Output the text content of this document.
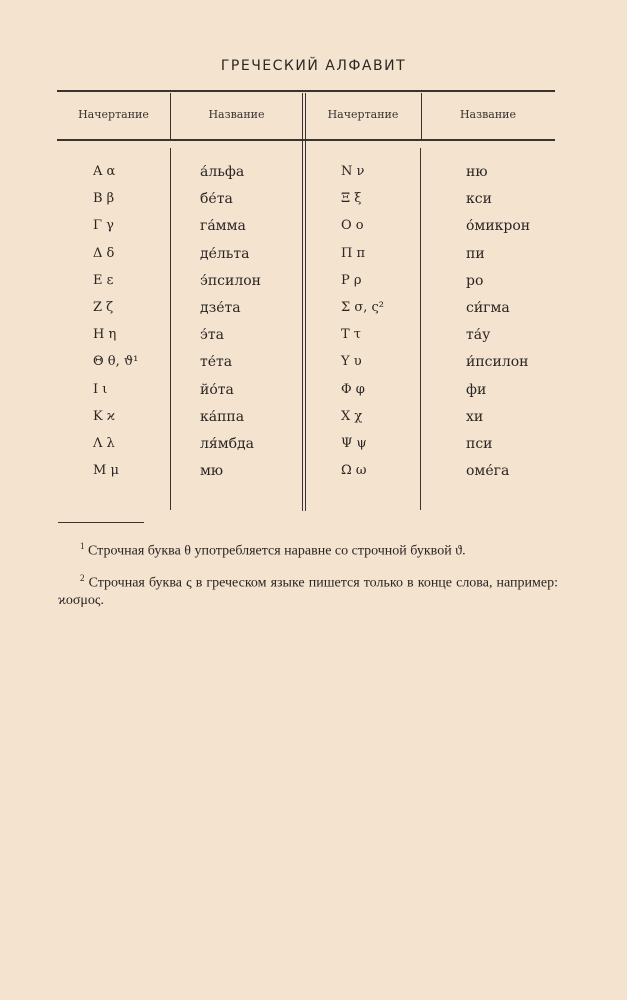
ГРЕЧЕСКИЙ АЛФАВИТ
Начертание	Название	Начертание	Название
Α α	а́льфа	Ν ν	ню
Β β	бе́та	Ξ ξ	кси
Γ γ	га́мма	Ο ο	о́микрон
Δ δ	де́льта	Π π	пи
Ε ε	э́псилон	Ρ ρ	ро
Ζ ζ	дзе́та	Σ σ, ς²	си́гма
Η η	э́та	Τ τ	та́у
Θ θ, ϑ¹	те́та	Υ υ	и́псилон
Ι ι	йо́та	Φ φ	фи
Κ ϰ	ка́ппа	Χ χ	хи
Λ λ	ля́мбда	Ψ ψ	пси
Μ μ	мю	Ω ω	оме́га
$^1$ Строчная буква θ употребляется наравне со строчной буквой ϑ.
$^2$ Строчная буква ς в греческом языке пишется только в конце слова, например: ϰοσμος.
